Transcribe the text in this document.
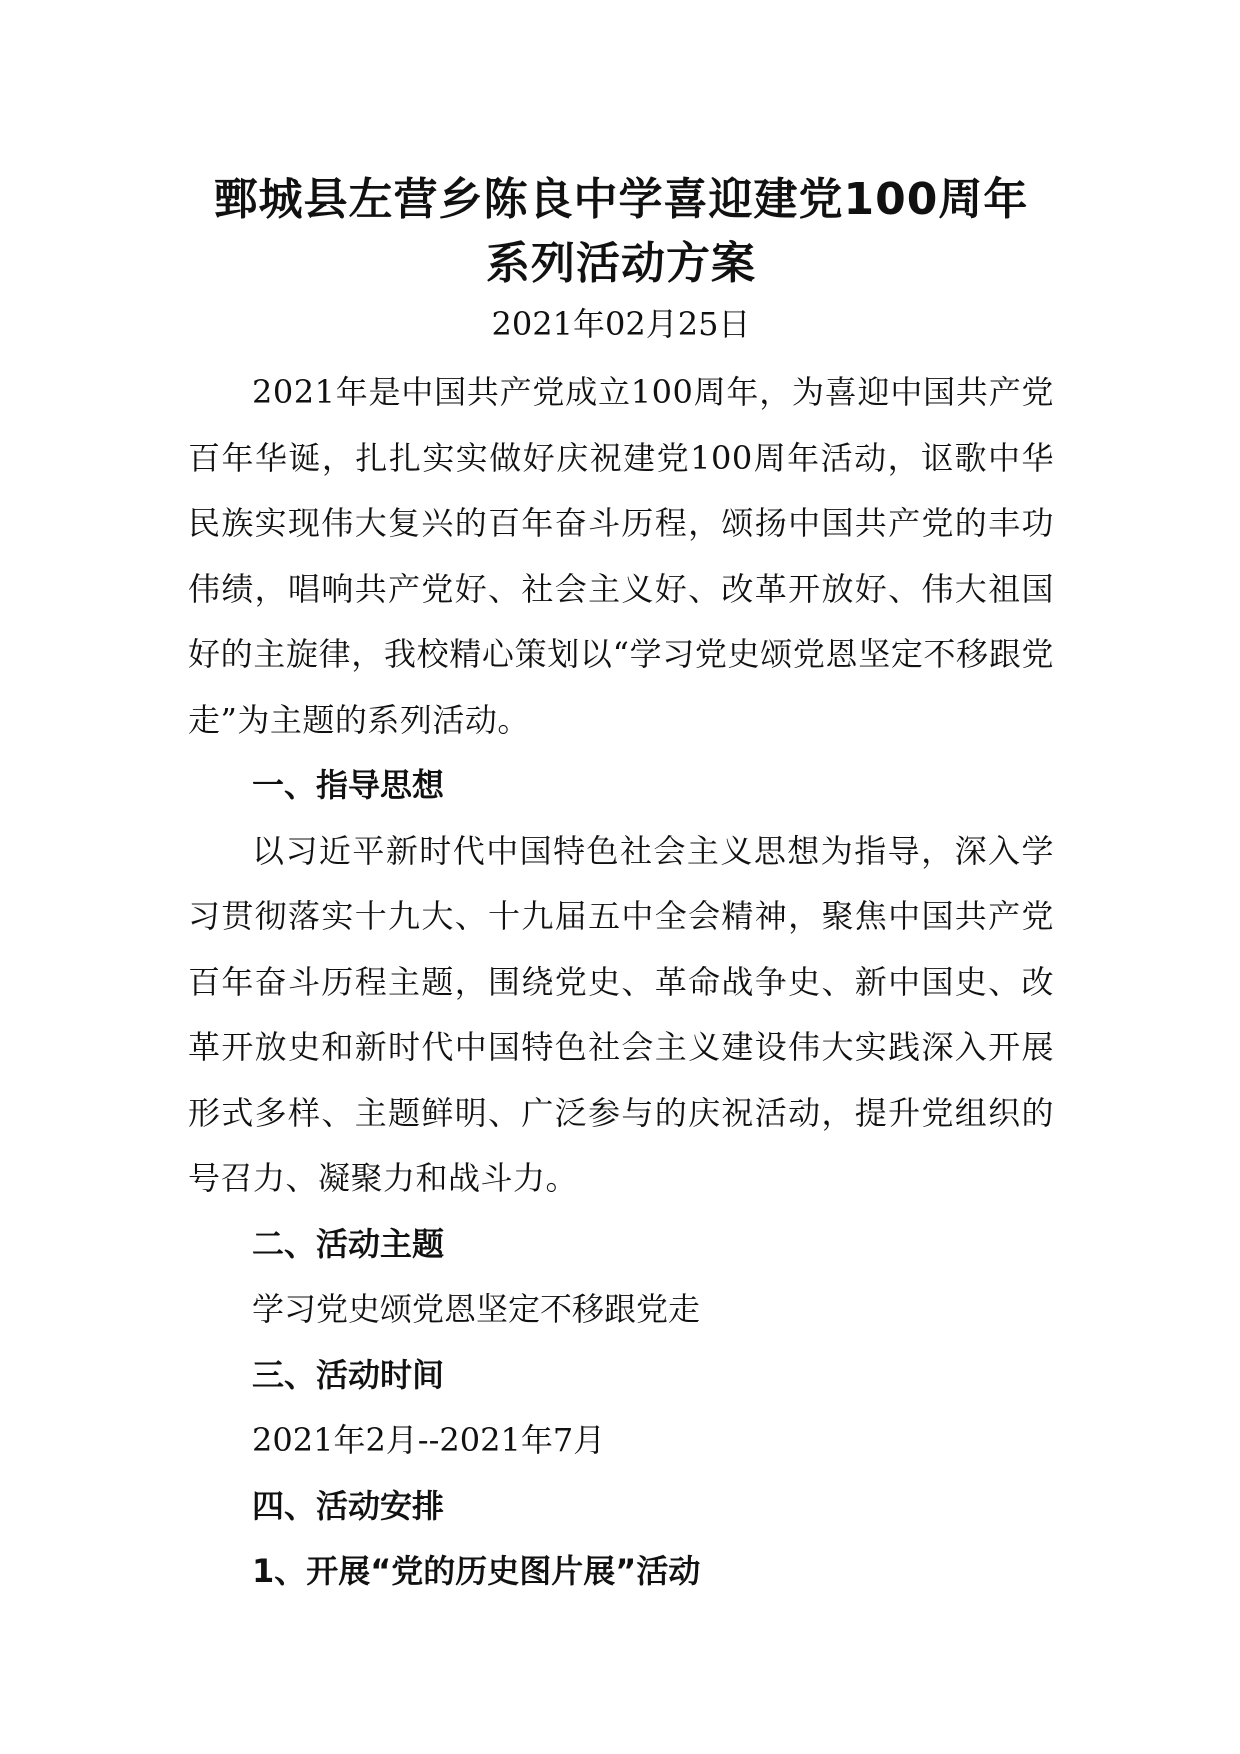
鄄城县左营乡陈良中学喜迎建党100周年
系列活动方案

2021年02月25日

2021年是中国共产党成立100周年，为喜迎中国共产党百年华诞，扎扎实实做好庆祝建党100周年活动，讴歌中华民族实现伟大复兴的百年奋斗历程，颂扬中国共产党的丰功伟绩，唱响共产党好、社会主义好、改革开放好、伟大祖国好的主旋律，我校精心策划以“学习党史颂党恩坚定不移跟党走”为主题的系列活动。

一、指导思想

以习近平新时代中国特色社会主义思想为指导，深入学习贯彻落实十九大、十九届五中全会精神，聚焦中国共产党百年奋斗历程主题，围绕党史、革命战争史、新中国史、改革开放史和新时代中国特色社会主义建设伟大实践深入开展形式多样、主题鲜明、广泛参与的庆祝活动，提升党组织的号召力、凝聚力和战斗力。

二、活动主题

学习党史颂党恩坚定不移跟党走

三、活动时间

2021年2月--2021年7月

四、活动安排

1、开展“党的历史图片展”活动
